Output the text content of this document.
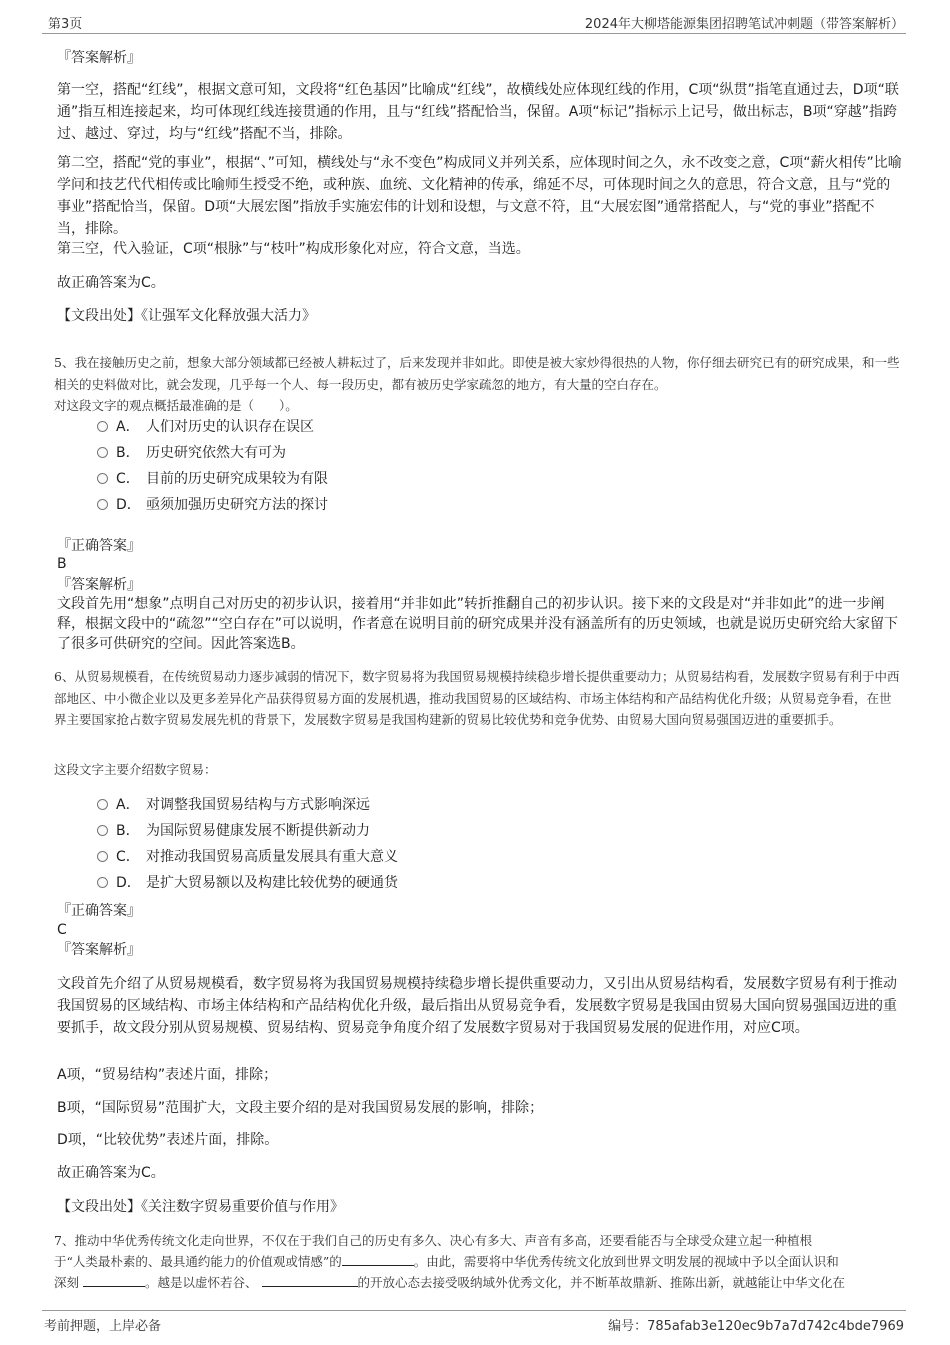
第3页	2024年大柳塔能源集团招聘笔试冲刺题（带答案解析）
『答案解析』
第一空，搭配“红线”，根据文意可知，文段将“红色基因”比喻成“红线”，故横线处应体现红线的作用，C项“纵贯”指笔直通过去，D项“联通”指互相连接起来，均可体现红线连接贯通的作用，且与“红线”搭配恰当，保留。A项“标记”指标示上记号，做出标志，B项“穿越”指跨过、越过、穿过，均与“红线”搭配不当，排除。
第二空，搭配“党的事业”，根据“、”可知，横线处与“永不变色”构成同义并列关系，应体现时间之久，永不改变之意，C项“薪火相传”比喻学问和技艺代代相传或比喻师生授受不绝，或种族、血统、文化精神的传承，绵延不尽，可体现时间之久的意思，符合文意，且与“党的事业”搭配恰当，保留。D项“大展宏图”指放手实施宏伟的计划和设想，与文意不符，且“大展宏图”通常搭配人，与“党的事业”搭配不当，排除。
第三空，代入验证，C项“根脉”与“枝叶”构成形象化对应，符合文意，当选。
故正确答案为C。
【文段出处】《让强军文化释放强大活力》
5、我在接触历史之前，想象大部分领域都已经被人耕耘过了，后来发现并非如此。即使是被大家炒得很热的人物，你仔细去研究已有的研究成果，和一些相关的史料做对比，就会发现，几乎每一个人、每一段历史，都有被历史学家疏忽的地方，有大量的空白存在。
对这段文字的观点概括最准确的是（　　）。
A． 人们对历史的认识存在误区
B． 历史研究依然大有可为
C． 目前的历史研究成果较为有限
D． 亟须加强历史研究方法的探讨
『正确答案』
B
『答案解析』
文段首先用“想象”点明自己对历史的初步认识，接着用“并非如此”转折推翻自己的初步认识。接下来的文段是对“并非如此”的进一步阐释，根据文段中的“疏忽”“空白存在”可以说明，作者意在说明目前的研究成果并没有涵盖所有的历史领域，也就是说历史研究给大家留下了很多可供研究的空间。因此答案选B。
6、从贸易规模看，在传统贸易动力逐步减弱的情况下，数字贸易将为我国贸易规模持续稳步增长提供重要动力；从贸易结构看，发展数字贸易有利于中西部地区、中小微企业以及更多差异化产品获得贸易方面的发展机遇，推动我国贸易的区域结构、市场主体结构和产品结构优化升级；从贸易竞争看，在世界主要国家抢占数字贸易发展先机的背景下，发展数字贸易是我国构建新的贸易比较优势和竞争优势、由贸易大国向贸易强国迈进的重要抓手。
这段文字主要介绍数字贸易：
A． 对调整我国贸易结构与方式影响深远
B． 为国际贸易健康发展不断提供新动力
C． 对推动我国贸易高质量发展具有重大意义
D． 是扩大贸易额以及构建比较优势的硬通货
『正确答案』
C
『答案解析』
文段首先介绍了从贸易规模看，数字贸易将为我国贸易规模持续稳步增长提供重要动力，又引出从贸易结构看，发展数字贸易有利于推动我国贸易的区域结构、市场主体结构和产品结构优化升级，最后指出从贸易竞争看，发展数字贸易是我国由贸易大国向贸易强国迈进的重要抓手，故文段分别从贸易规模、贸易结构、贸易竞争角度介绍了发展数字贸易对于我国贸易发展的促进作用，对应C项。
A项，“贸易结构”表述片面，排除；
B项，“国际贸易”范围扩大，文段主要介绍的是对我国贸易发展的影响，排除；
D项，“比较优势”表述片面，排除。
故正确答案为C。
【文段出处】《关注数字贸易重要价值与作用》
7、推动中华优秀传统文化走向世界，不仅在于我们自己的历史有多久、决心有多大、声音有多高，还要看能否与全球受众建立起一种植根
于“人类最朴素的、最具通约能力的价值观或情感”的	。由此，需要将中华优秀传统文化放到世界文明发展的视域中予以全面认识和
深刻	。越是以虚怀若谷、	的开放心态去接受吸纳域外优秀文化，并不断革故鼎新、推陈出新，就越能让中华文化在
考前押题，上岸必备	编号：785afab3e120ec9b7a7d742c4bde7969
